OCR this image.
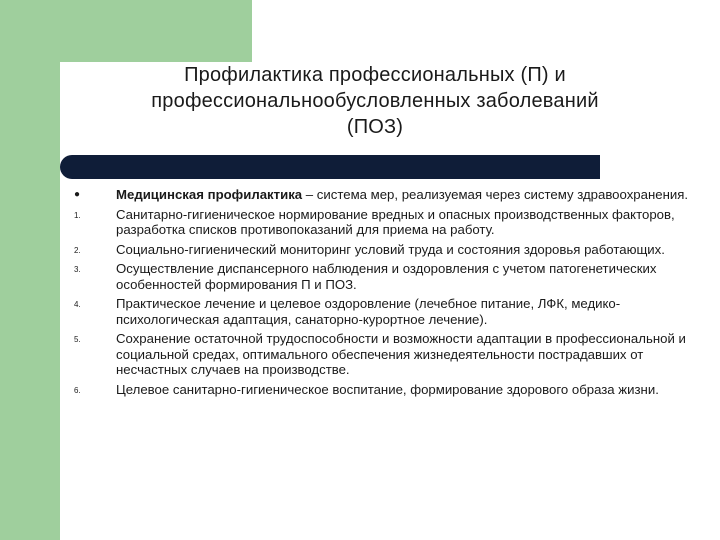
Профилактика профессиональных (П) и
профессиональнообусловленных заболеваний
(ПОЗ)
●	Медицинская профилактика – система мер, реализуемая через систему здравоохранения.
1.	Санитарно-гигиеническое нормирование вредных и опасных производственных факторов, разработка списков противопоказаний для приема на работу.
2.	Социально-гигиенический мониторинг условий труда и состояния здоровья работающих.
3.	Осуществление диспансерного наблюдения и оздоровления с учетом патогенетических особенностей формирования П и ПОЗ.
4.	Практическое лечение и целевое оздоровление (лечебное питание, ЛФК, медико-психологическая адаптация, санаторно-курортное лечение).
5.	Сохранение остаточной трудоспособности и возможности адаптации в профессиональной и социальной средах, оптимального обеспечения жизнедеятельности пострадавших от несчастных случаев на производстве.
6.	Целевое санитарно-гигиеническое воспитание, формирование здорового образа жизни.
